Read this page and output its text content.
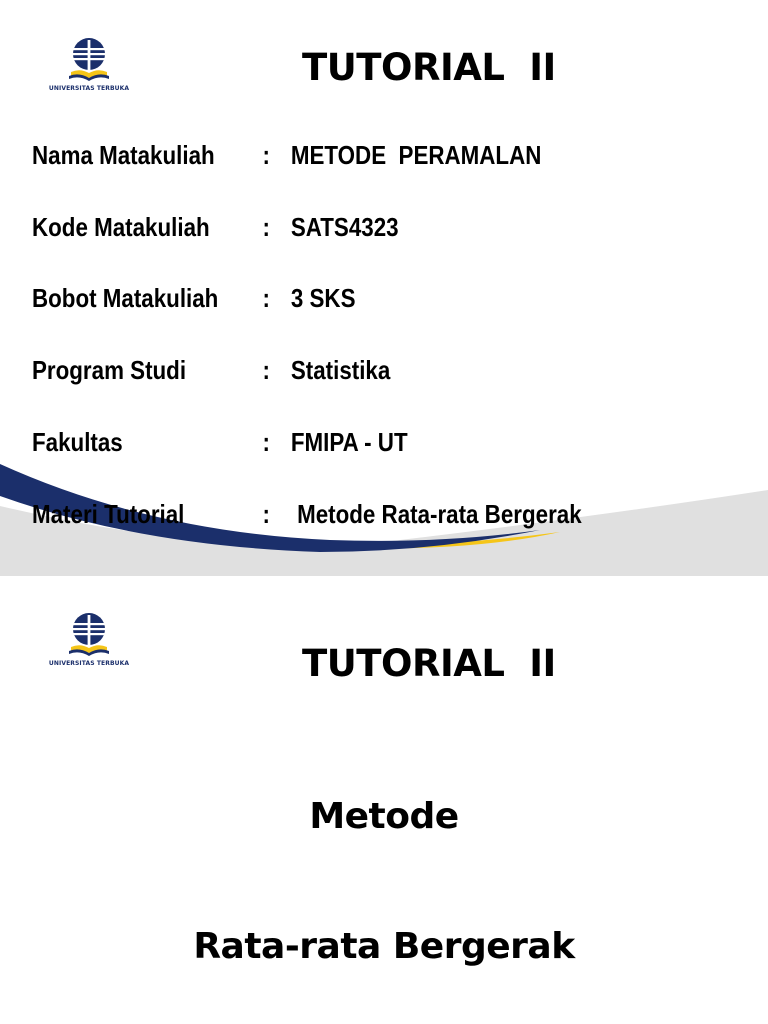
UNIVERSITAS TERBUKA	TUTORIAL  II
Nama Matakuliah : METODE  PERAMALAN
Kode Matakuliah : SATS4323
Bobot Matakuliah : 3 SKS
Program Studi	: Statistika
Fakultas	: FMIPA - UT
Materi Tutorial	: Metode Rata-rata Bergerak
UNIVERSITAS TERBUKA	TUTORIAL  II
Metode
Rata-rata Bergerak
